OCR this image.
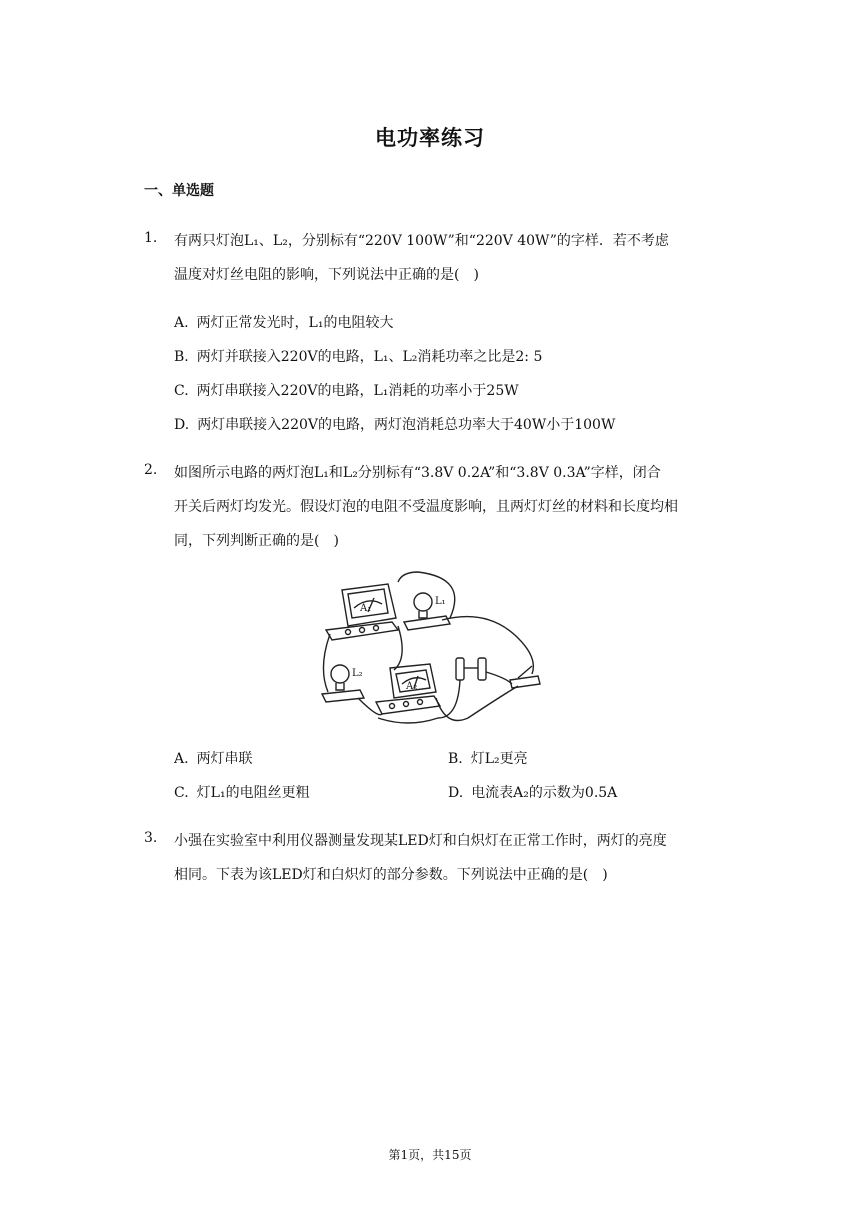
电功率练习
一、单选题
1. 有两只灯泡L₁、L₂，分别标有“220V 100W”和“220V 40W”的字样．若不考虑
温度对灯丝电阻的影响，下列说法中正确的是(　)
A. 两灯正常发光时，L₁的电阻较大
B. 两灯并联接入220V的电路，L₁、L₂消耗功率之比是2: 5
C. 两灯串联接入220V的电路，L₁消耗的功率小于25W
D. 两灯串联接入220V的电路，两灯泡消耗总功率大于40W小于100W
2. 如图所示电路的两灯泡L₁和L₂分别标有“3.8V 0.2A”和“3.8V 0.3A”字样，闭合
开关后两灯均发光。假设灯泡的电阻不受温度影响，且两灯灯丝的材料和长度均相
同，下列判断正确的是(　)
A₁
L₁
L₂
A₂
A. 两灯串联	B. 灯L₂更亮
C. 灯L₁的电阻丝更粗	D. 电流表A₂的示数为0.5A
3. 小强在实验室中利用仪器测量发现某LED灯和白炽灯在正常工作时，两灯的亮度
相同。下表为该LED灯和白炽灯的部分参数。下列说法中正确的是(　)
第1页，共15页
